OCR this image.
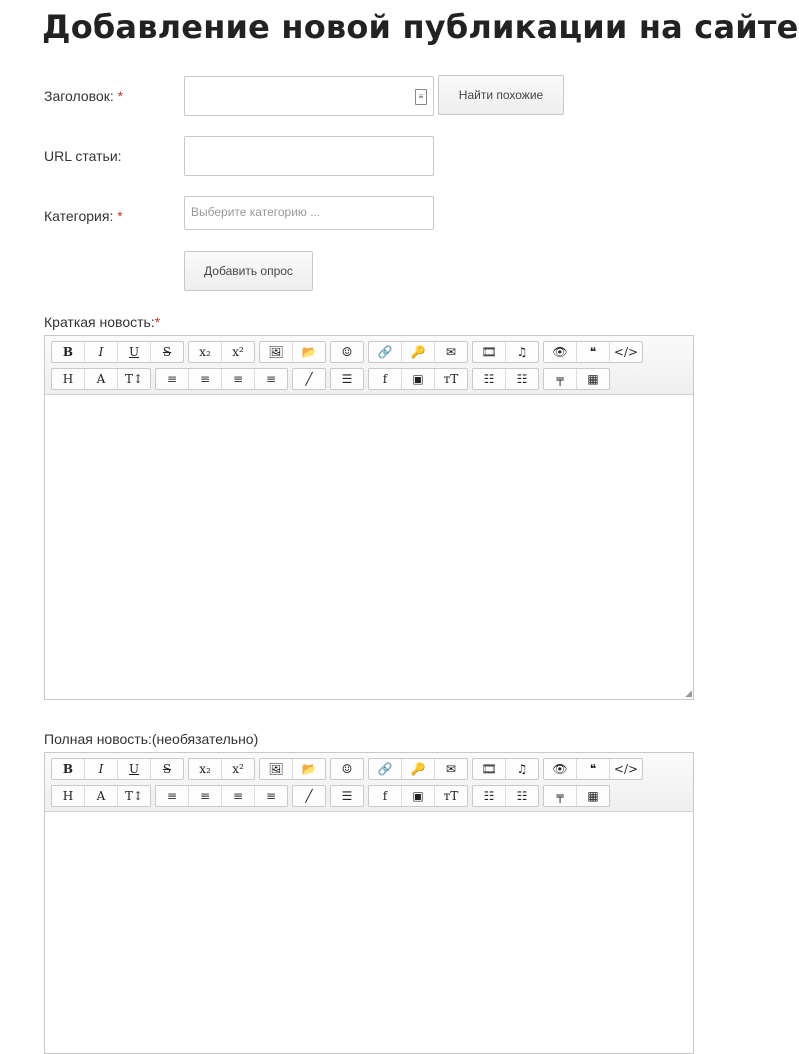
Добавление новой публикации на сайте
Заголовок: *	≡	Найти похожие
URL статьи:
Категория: *	Выберите категорию ...
Добавить опрос
Краткая новость:*
B	I	U	S	x₂	x²	🖼	📂	☺	🔗	🔑	✉	🎞	♫	👁	❝	</>
H	A	T↕	≡	≡	≡	≡	╱	☰	f	▣	ᴛT	☷	☷	╤	▦
◢
Полная новость:(необязательно)
B	I	U	S	x₂	x²	🖼	📂	☺	🔗	🔑	✉	🎞	♫	👁	❝	</>
H	A	T↕	≡	≡	≡	≡	╱	☰	f	▣	ᴛT	☷	☷	╤	▦
